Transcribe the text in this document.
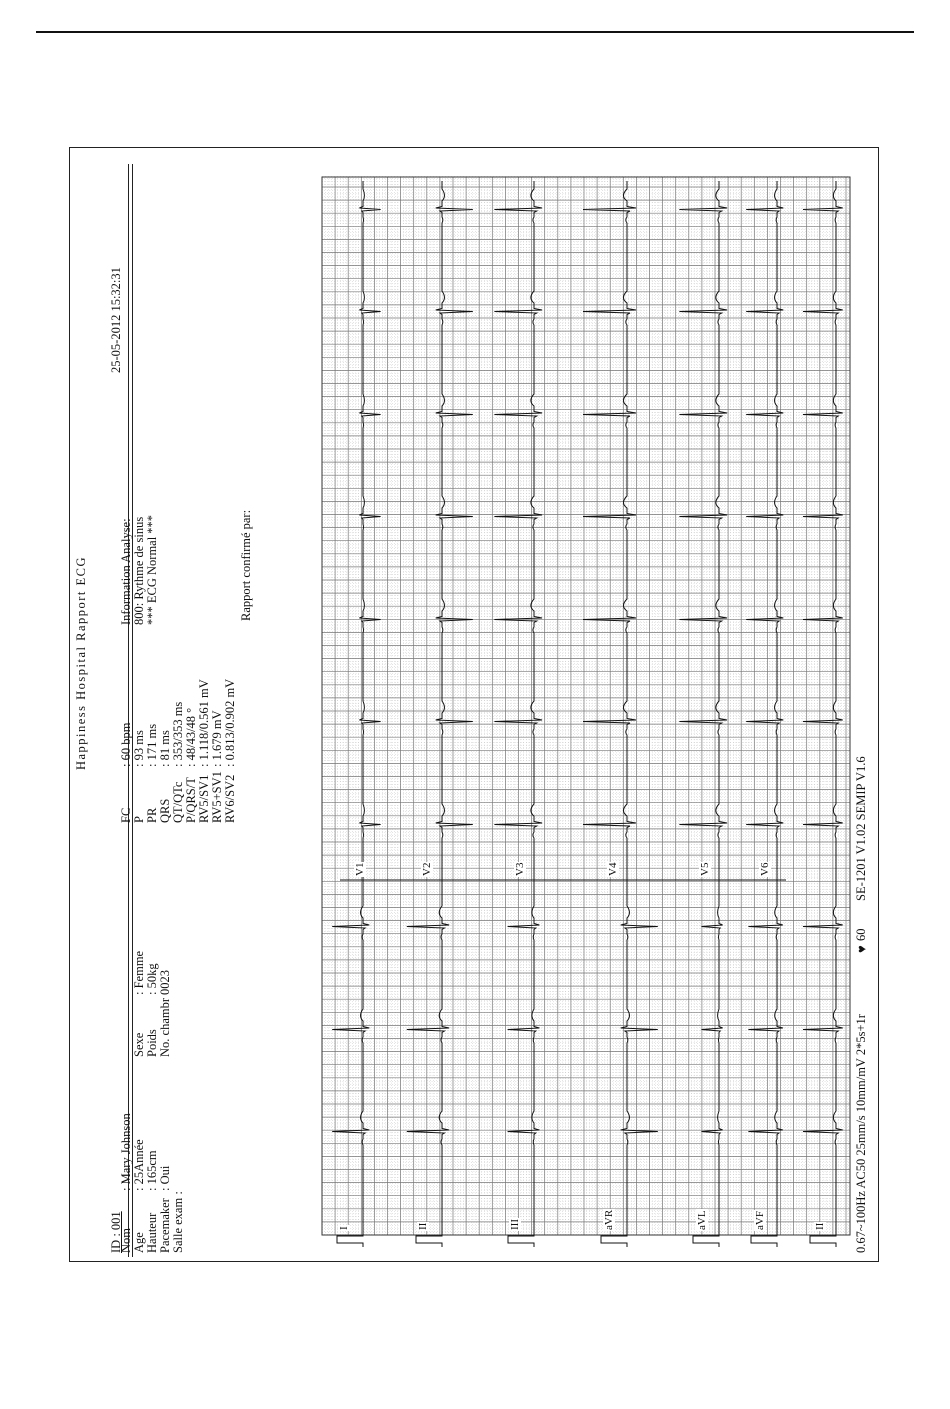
Happiness Hospital Rapport ECG
ID : 001
25-05-2012 15:32:31
Nom
: Mary Johnson
Age
: 25Année
Hauteur
: 165cm
Pacemaker
: Oui
Salle exam :
Sexe
: Femme
Poids
: 50kg
No. chambr
0023
FC
: 60 bpm
P
: 93 ms
PR
: 171 ms
QRS
: 81 ms
QT/QTc
: 353/353 ms
P/QRS/T
: 48/43/48 °
RV5/SV1
: 1.118/0.561 mV
RV5+SV1
: 1.679 mV
RV6/SV2
: 0.813/0.902 mV
Information Analyse: 800: Rythme de sinus *** ECG Normal ***	Rapport confirmé par:
I	II	III	aVR	aVL	aVF	II
V1	V2	V3	V4	V5	V6
0.67~100Hz AC50 25mm/s 10mm/mV 2*5s+1r
♥
60
SE-1201 V1.02 SEMIP V1.6
